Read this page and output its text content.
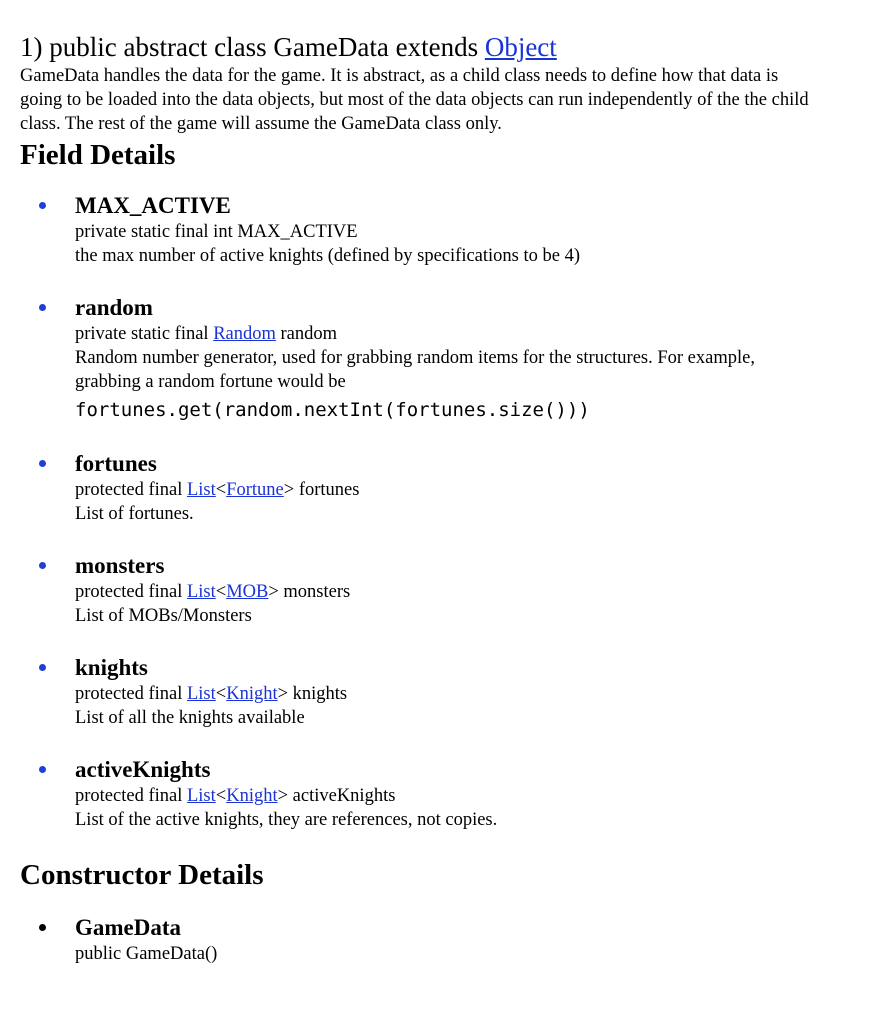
1) public abstract class GameData extends Object

GameData handles the data for the game. It is abstract, as a child class needs to define how that data is going to be loaded into the data objects, but most of the data objects can run independently of the the child class. The rest of the game will assume the GameData class only.

Field Details
MAX_ACTIVE
private static final int MAX_ACTIVE
the max number of active knights (defined by specifications to be 4)
random
private static final Random random
Random number generator, used for grabbing random items for the structures. For example, grabbing a random fortune would be
fortunes.get(random.nextInt(fortunes.size()))
fortunes
protected final List<Fortune> fortunes
List of fortunes.
monsters
protected final List<MOB> monsters
List of MOBs/Monsters
knights
protected final List<Knight> knights
List of all the knights available
activeKnights
protected final List<Knight> activeKnights
List of the active knights, they are references, not copies.
Constructor Details
GameData
public GameData()
